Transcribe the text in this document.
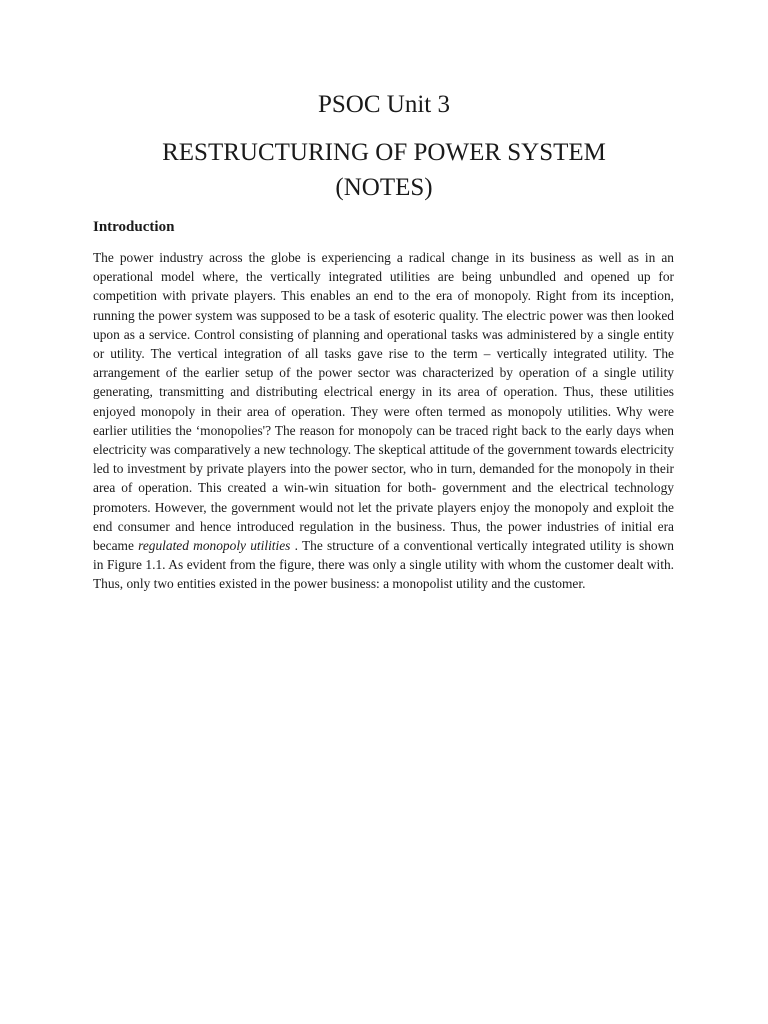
PSOC Unit 3
RESTRUCTURING OF POWER SYSTEM
(NOTES)
Introduction

The power industry across the globe is experiencing a radical change in its business as well as in an operational model where, the vertically integrated utilities are being unbundled and opened up for competition with private players. This enables an end to the era of monopoly. Right from its inception, running the power system was supposed to be a task of esoteric quality. The electric power was then looked upon as a service. Control consisting of planning and operational tasks was administered by a single entity or utility. The vertical integration of all tasks gave rise to the term – vertically integrated utility. The arrangement of the earlier setup of the power sector was characterized by operation of a single utility generating, transmitting and distributing electrical energy in its area of operation. Thus, these utilities enjoyed monopoly in their area of operation. They were often termed as monopoly utilities. Why were earlier utilities the ‘monopolies'? The reason for monopoly can be traced right back to the early days when electricity was comparatively a new technology. The skeptical attitude of the government towards electricity led to investment by private players into the power sector, who in turn, demanded for the monopoly in their area of operation. This created a win-win situation for both- government and the electrical technology promoters. However, the government would not let the private players enjoy the monopoly and exploit the end consumer and hence introduced regulation in the business. Thus, the power industries of initial era became regulated monopoly utilities . The structure of a conventional vertically integrated utility is shown in Figure 1.1. As evident from the figure, there was only a single utility with whom the customer dealt with. Thus, only two entities existed in the power business: a monopolist utility and the customer.
